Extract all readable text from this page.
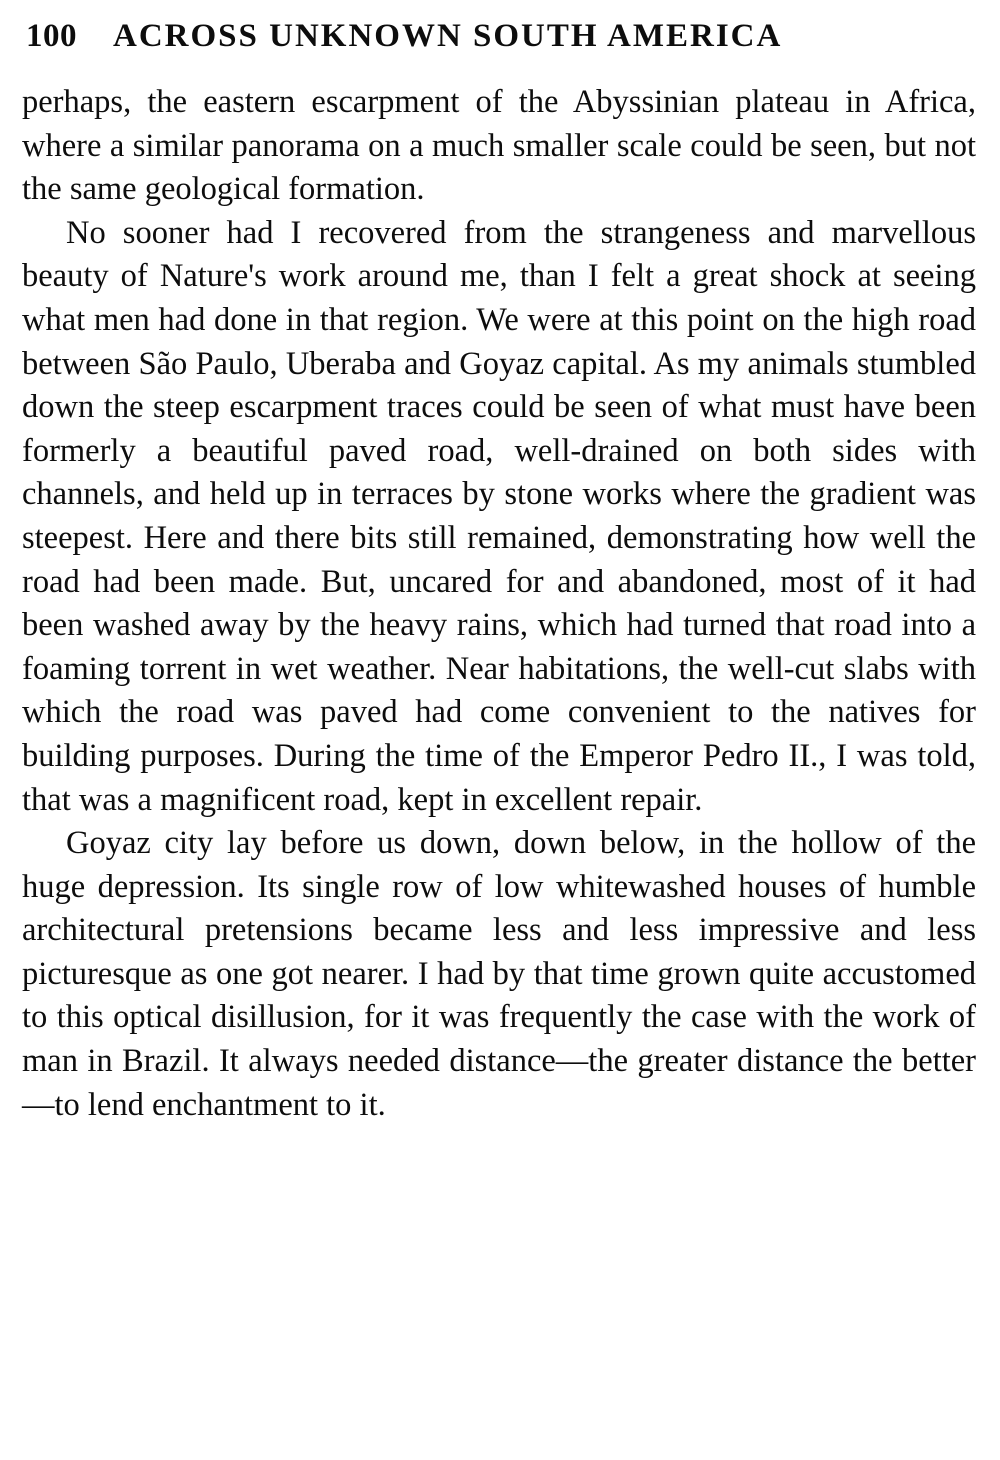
100 ACROSS UNKNOWN SOUTH AMERICA

perhaps, the eastern escarpment of the Abyssinian plateau in Africa, where a similar panorama on a much smaller scale could be seen, but not the same geological formation.

No sooner had I recovered from the strangeness and marvellous beauty of Nature's work around me, than I felt a great shock at seeing what men had done in that region. We were at this point on the high road between São Paulo, Uberaba and Goyaz capital. As my animals stumbled down the steep escarpment traces could be seen of what must have been formerly a beautiful paved road, well-drained on both sides with channels, and held up in terraces by stone works where the gradient was steepest. Here and there bits still remained, demonstrating how well the road had been made. But, uncared for and abandoned, most of it had been washed away by the heavy rains, which had turned that road into a foaming torrent in wet weather. Near habitations, the well-cut slabs with which the road was paved had come convenient to the natives for building purposes. During the time of the Emperor Pedro II., I was told, that was a magnificent road, kept in excellent repair.

Goyaz city lay before us down, down below, in the hollow of the huge depression. Its single row of low whitewashed houses of humble architectural pretensions became less and less impressive and less picturesque as one got nearer. I had by that time grown quite accustomed to this optical disillusion, for it was frequently the case with the work of man in Brazil. It always needed distance—the greater distance the better—to lend enchantment to it.
